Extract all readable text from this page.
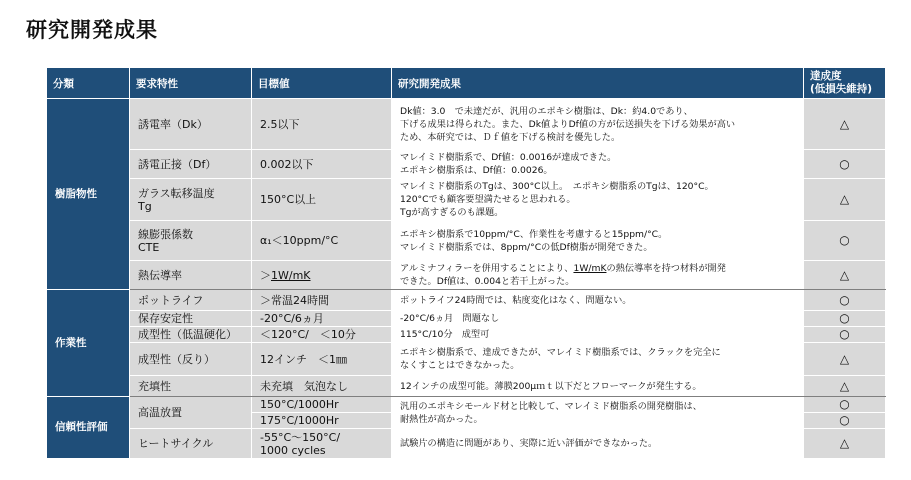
研究開発成果
分類	要求特性	目標値	研究開発成果	達成度
(低損失維持)

樹脂物性	誘電率（Dk）	2.5以下	Dk値：3.0　で未達だが、汎用のエポキシ樹脂は、Dk：約4.0であり、
下げる成果は得られた。また、Dk値よりDf値の方が伝送損失を下げる効果が高い
ため、本研究では、Ｄｆ値を下げる検討を優先した。	△
	誘電正接（Df）	0.002以下	マレイミド樹脂系で、Df値：0.0016が達成できた。
エポキシ樹脂系は、Df値：0.0026。	○

	ガラス転移温度
Tg	150°C以上	マレイミド樹脂系のTgは、300°C以上。　エポキシ樹脂系のTgは、120°C。
120°Cでも顧客要望満たせると思われる。
Tgが高すぎるのも課題。	△

	線膨張係数
CTE	α₁＜10ppm/°C	エポキシ樹脂系で10ppm/°C、作業性を考慮すると15ppm/°C。
マレイミド樹脂系では、8ppm/°Cの低Df樹脂が開発できた。	○
	熱伝導率	＞1W/mK	アルミナフィラーを併用することにより、1W/mKの熱伝導率を持つ材料が開発
できた。Df値は、0.004と若干上がった。	△
作業性	ポットライフ	＞常温24時間	ポットライフ24時間では、粘度変化はなく、問題ない。	○
	保存安定性	-20°C/6ヵ月	-20°C/6ヵ月　問題なし	○
	成型性（低温硬化）	＜120°C/　＜10分	115°C/10分　成型可	○
	成型性（反り）	12インチ　＜1㎜	エポキシ樹脂系で、達成できたが、マレイミド樹脂系では、クラックを完全に
なくすことはできなかった。	△
	充填性	未充填　気泡なし	12インチの成型可能。薄膜200μｍｔ以下だとフローマークが発生する。	△
信頼性評価	高温放置	150°C/1000Hr	汎用のエポキシモールド材と比較して、マレイミド樹脂系の開発樹脂は、
耐熱性が高かった。	○
		175°C/1000Hr		○
	ヒートサイクル	-55°C～150°C/
1000 cycles	試験片の構造に問題があり、実際に近い評価ができなかった。	△
